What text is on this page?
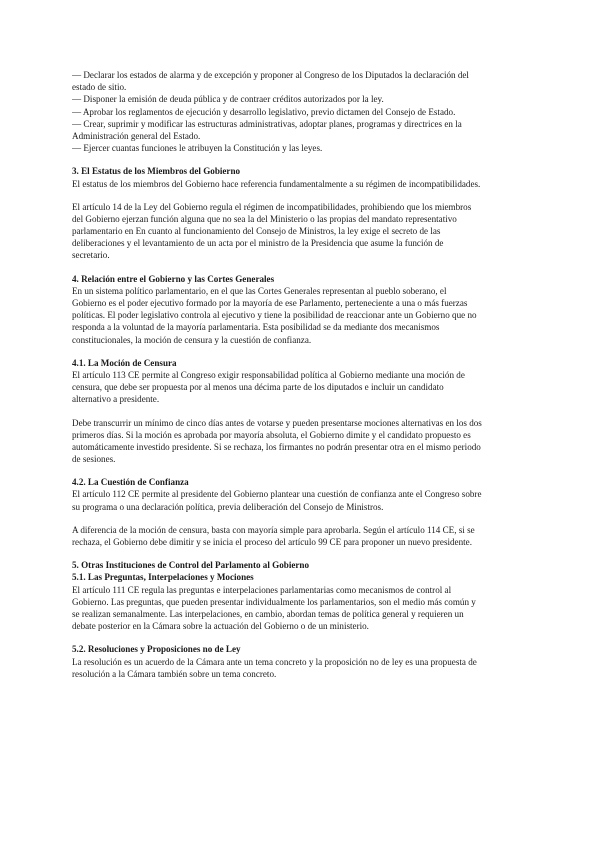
— Declarar los estados de alarma y de excepción y proponer al Congreso de los Diputados la declaración del
estado de sitio.
— Disponer la emisión de deuda pública y de contraer créditos autorizados por la ley.
— Aprobar los reglamentos de ejecución y desarrollo legislativo, previo dictamen del Consejo de Estado.
— Crear, suprimir y modificar las estructuras administrativas, adoptar planes, programas y directrices en la
Administración general del Estado.
— Ejercer cuantas funciones le atribuyen la Constitución y las leyes.
3. El Estatus de los Miembros del Gobierno
El estatus de los miembros del Gobierno hace referencia fundamentalmente a su régimen de incompatibilidades.
El artículo 14 de la Ley del Gobierno regula el régimen de incompatibilidades, prohibiendo que los miembros
del Gobierno ejerzan función alguna que no sea la del Ministerio o las propias del mandato representativo
parlamentario en En cuanto al funcionamiento del Consejo de Ministros, la ley exige el secreto de las
deliberaciones y el levantamiento de un acta por el ministro de la Presidencia que asume la función de
secretario.
4. Relación entre el Gobierno y las Cortes Generales
En un sistema político parlamentario, en el que las Cortes Generales representan al pueblo soberano, el
Gobierno es el poder ejecutivo formado por la mayoría de ese Parlamento, perteneciente a una o más fuerzas
políticas. El poder legislativo controla al ejecutivo y tiene la posibilidad de reaccionar ante un Gobierno que no
responda a la voluntad de la mayoría parlamentaria. Esta posibilidad se da mediante dos mecanismos
constitucionales, la moción de censura y la cuestión de confianza.
4.1. La Moción de Censura
El artículo 113 CE permite al Congreso exigir responsabilidad política al Gobierno mediante una moción de
censura, que debe ser propuesta por al menos una décima parte de los diputados e incluir un candidato
alternativo a presidente.
Debe transcurrir un mínimo de cinco días antes de votarse y pueden presentarse mociones alternativas en los dos
primeros días. Si la moción es aprobada por mayoría absoluta, el Gobierno dimite y el candidato propuesto es
automáticamente investido presidente. Si se rechaza, los firmantes no podrán presentar otra en el mismo periodo
de sesiones.
4.2. La Cuestión de Confianza
El artículo 112 CE permite al presidente del Gobierno plantear una cuestión de confianza ante el Congreso sobre
su programa o una declaración política, previa deliberación del Consejo de Ministros.
A diferencia de la moción de censura, basta con mayoría simple para aprobarla. Según el artículo 114 CE, si se
rechaza, el Gobierno debe dimitir y se inicia el proceso del artículo 99 CE para proponer un nuevo presidente.
5. Otras Instituciones de Control del Parlamento al Gobierno
5.1. Las Preguntas, Interpelaciones y Mociones
El artículo 111 CE regula las preguntas e interpelaciones parlamentarias como mecanismos de control al
Gobierno. Las preguntas, que pueden presentar individualmente los parlamentarios, son el medio más común y
se realizan semanalmente. Las interpelaciones, en cambio, abordan temas de política general y requieren un
debate posterior en la Cámara sobre la actuación del Gobierno o de un ministerio.
5.2. Resoluciones y Proposiciones no de Ley
La resolución es un acuerdo de la Cámara ante un tema concreto y la proposición no de ley es una propuesta de
resolución a la Cámara también sobre un tema concreto.
